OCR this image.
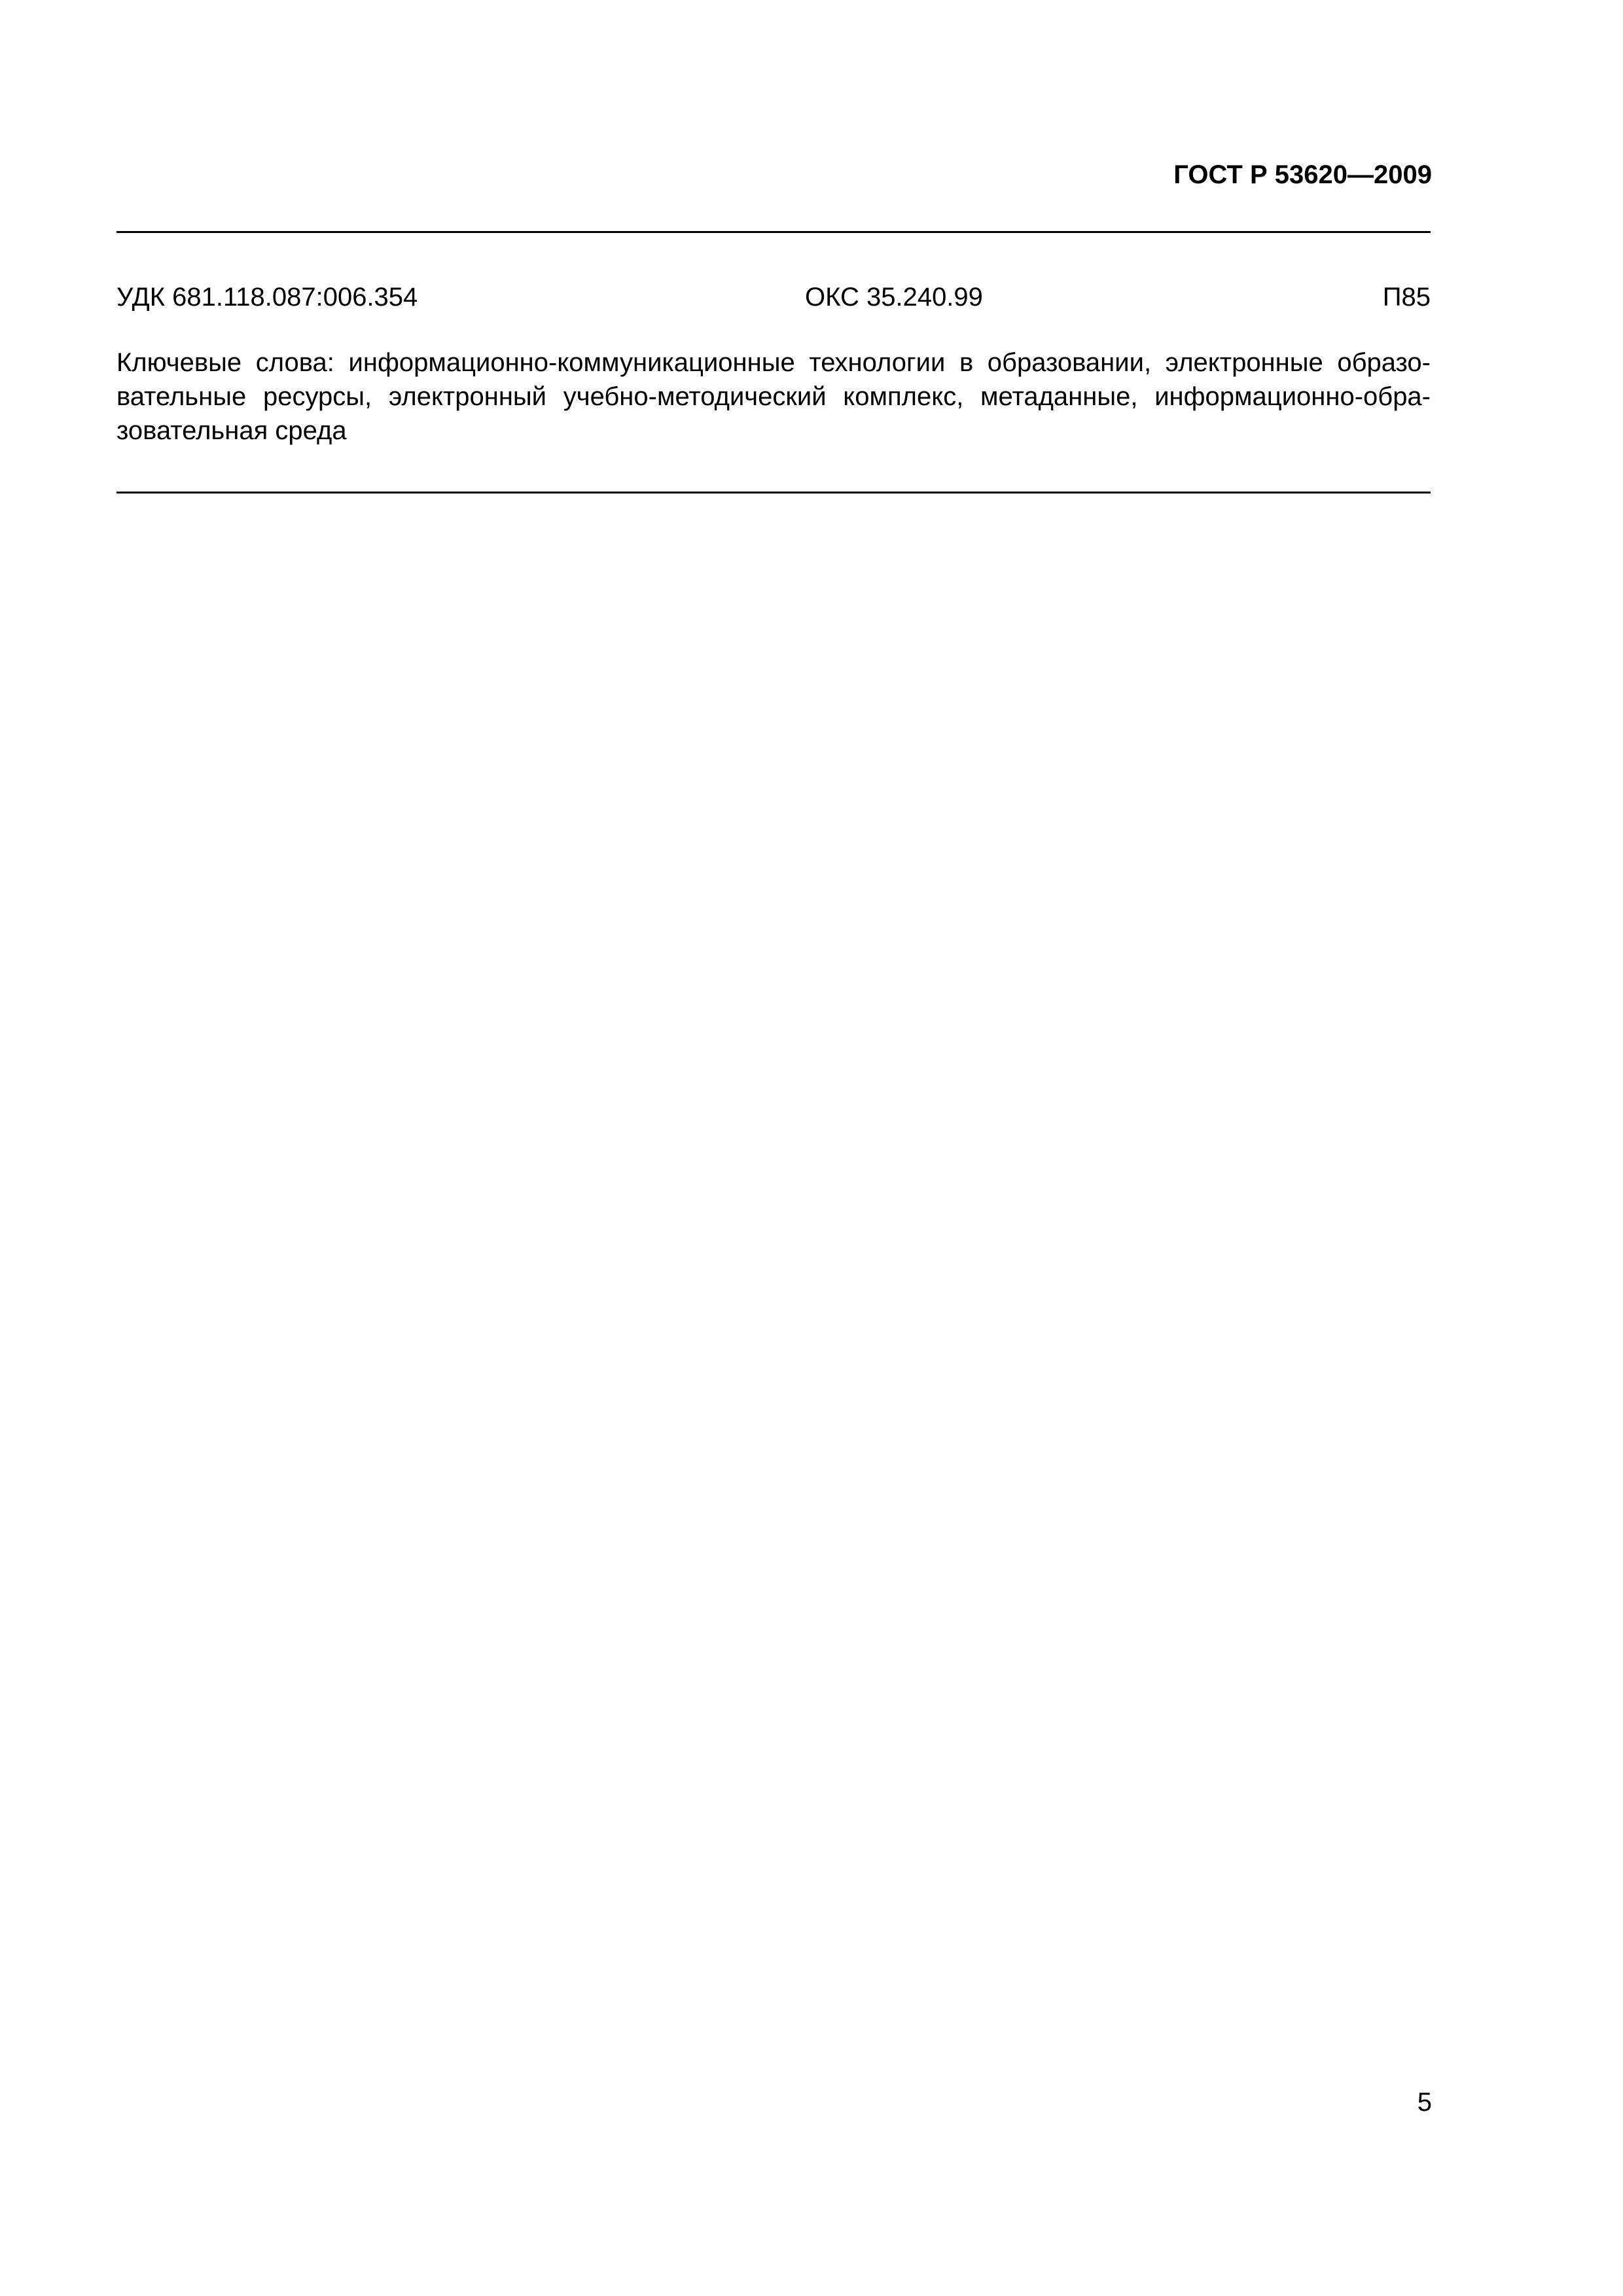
ГОСТ Р 53620—2009
УДК 681.118.087:006.354	ОКС 35.240.99	П85

Ключевые слова: информационно-коммуникационные технологии в образовании, электронные образо-
вательные ресурсы, электронный учебно-методический комплекс, метаданные, информационно-обра-
зовательная среда

5
